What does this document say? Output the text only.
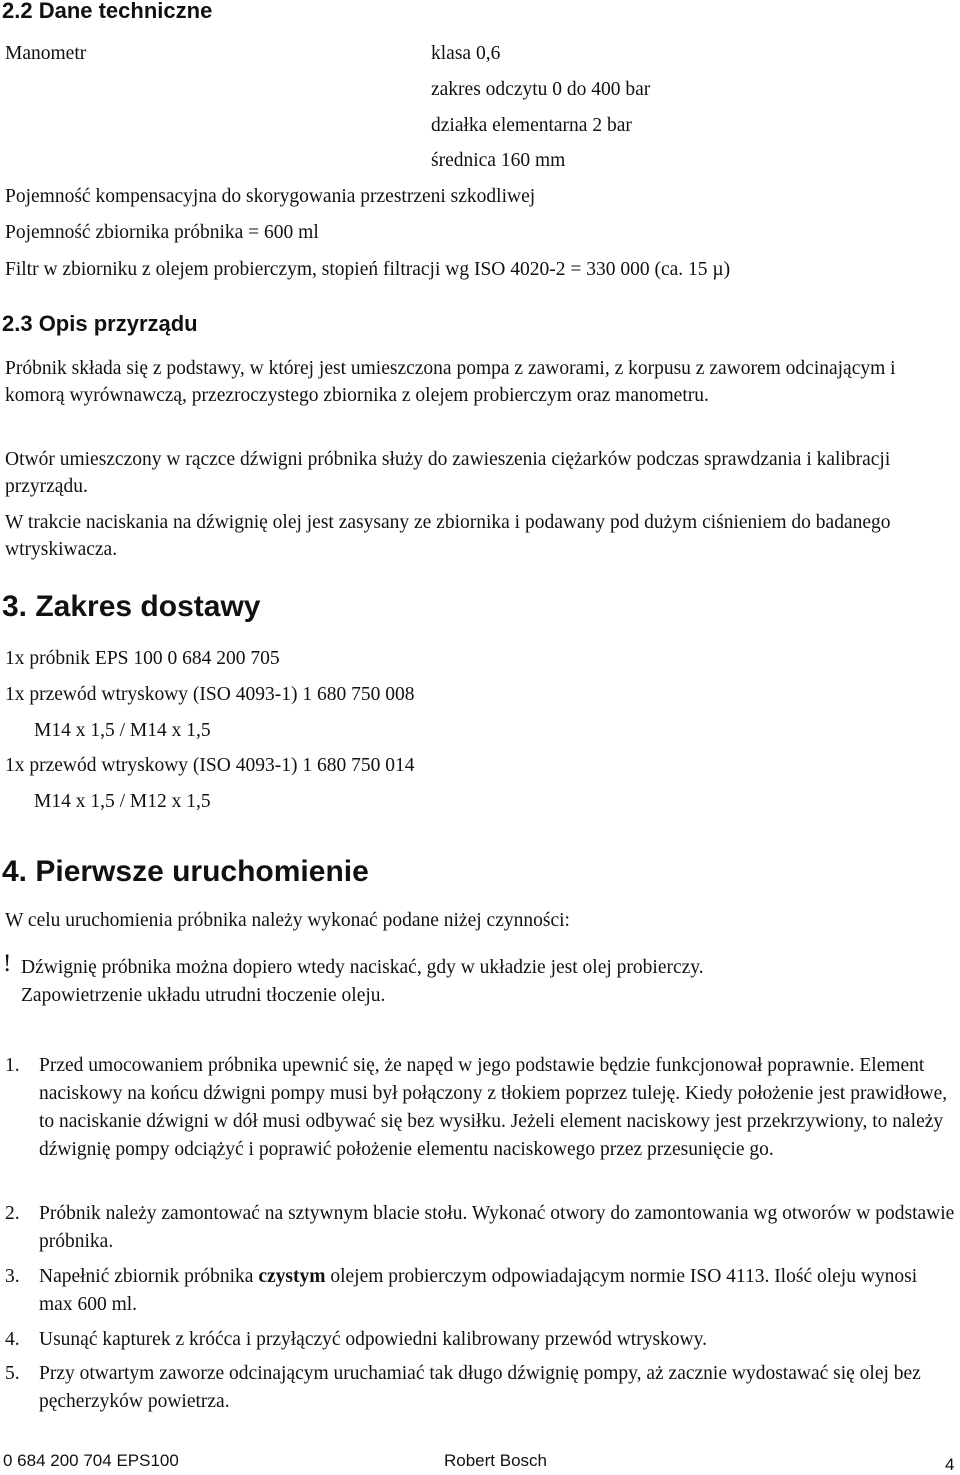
2.2 Dane techniczne
Manometr	klasa 0,6
zakres odczytu 0 do 400 bar
działka elementarna 2 bar
średnica 160 mm
Pojemność kompensacyjna do skorygowania przestrzeni szkodliwej
Pojemność zbiornika próbnika = 600 ml
Filtr w zbiorniku z olejem probierczym, stopień filtracji wg ISO 4020-2 = 330 000 (ca. 15 µ)
2.3 Opis przyrządu
Próbnik składa się z podstawy, w której jest umieszczona pompa z zaworami, z korpusu z zaworem odcinającym i komorą wyrównawczą, przezroczystego zbiornika z olejem probierczym oraz manometru.
Otwór umieszczony w rączce dźwigni próbnika służy do zawieszenia ciężarków podczas sprawdzania i kalibracji przyrządu.
W trakcie naciskania na dźwignię olej jest zasysany ze zbiornika i podawany pod dużym ciśnieniem do badanego wtryskiwacza.
3. Zakres dostawy
1x próbnik EPS 100 0 684 200 705
1x przewód wtryskowy (ISO 4093-1) 1 680 750 008
M14 x 1,5 / M14 x 1,5
1x przewód wtryskowy (ISO 4093-1) 1 680 750 014
M14 x 1,5 / M12 x 1,5
4. Pierwsze uruchomienie
W celu uruchomienia próbnika należy wykonać podane niżej czynności:
! Dźwignię próbnika można dopiero wtedy naciskać, gdy w układzie jest olej probierczy.
Zapowietrzenie układu utrudni tłoczenie oleju.
1. Przed umocowaniem próbnika upewnić się, że napęd w jego podstawie będzie funkcjonował poprawnie. Element naciskowy na końcu dźwigni pompy musi był połączony z tłokiem poprzez tuleję. Kiedy położenie jest prawidłowe, to naciskanie dźwigni w dół musi odbywać się bez wysiłku. Jeżeli element naciskowy jest przekrzywiony, to należy dźwignię pompy odciążyć i poprawić położenie elementu naciskowego przez przesunięcie go.
2. Próbnik należy zamontować na sztywnym blacie stołu. Wykonać otwory do zamontowania wg otworów w podstawie próbnika.
3. Napełnić zbiornik próbnika czystym olejem probierczym odpowiadającym normie ISO 4113. Ilość oleju wynosi max 600 ml.
4. Usunąć kapturek z króćca i przyłączyć odpowiedni kalibrowany przewód wtryskowy.
5. Przy otwartym zaworze odcinającym uruchamiać tak długo dźwignię pompy, aż zacznie wydostawać się olej bez pęcherzyków powietrza.
0 684 200 704 EPS100	Robert Bosch	4
